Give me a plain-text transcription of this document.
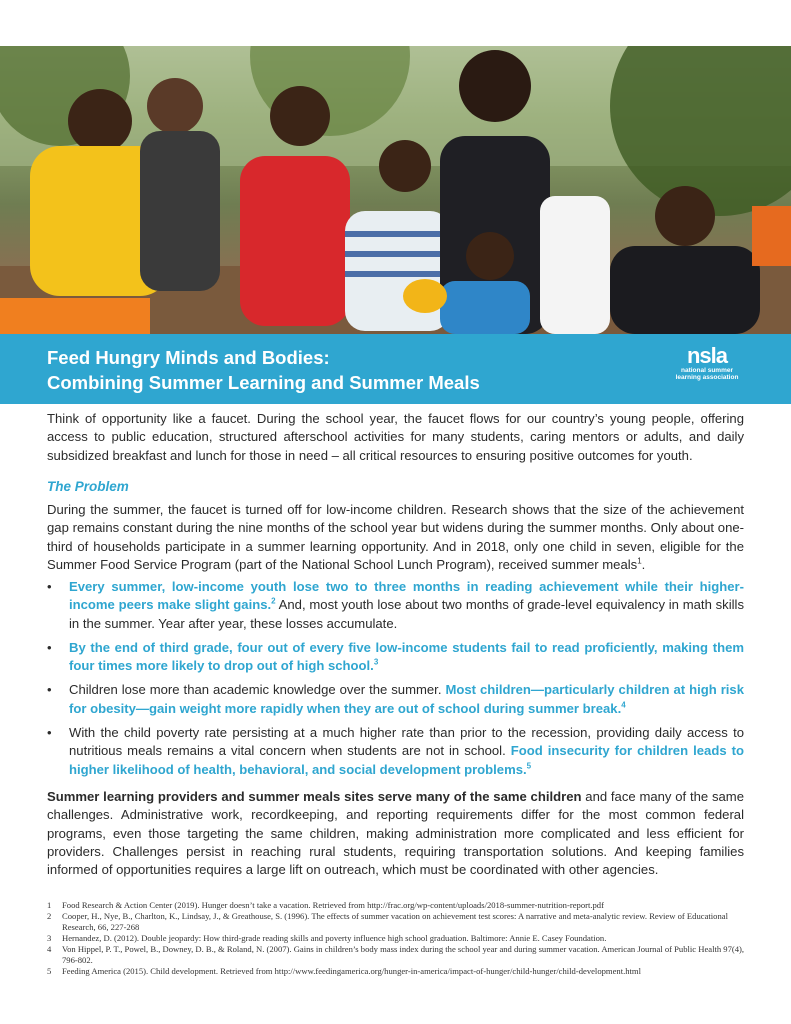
Feed Hungry Minds and Bodies:
Combining Summer Learning and Summer Meals
nsla
national summer
learning association
Think of opportunity like a faucet. During the school year, the faucet flows for our country’s young people, offering access to public education, structured afterschool activities for many students, caring mentors or adults, and daily subsidized breakfast and lunch for those in need – all critical resources to ensuring positive outcomes for youth.
The Problem
During the summer, the faucet is turned off for low-income children. Research shows that the size of the achievement gap remains constant during the nine months of the school year but widens during the summer months. Only about one-third of households participate in a summer learning opportunity. And in 2018, only one child in seven, eligible for the Summer Food Service Program (part of the National School Lunch Program), received summer meals$^1$.
• Every summer, low-income youth lose two to three months in reading achievement while their higher-income peers make slight gains.$^2$ And, most youth lose about two months of grade-level equivalency in math skills in the summer. Year after year, these losses accumulate.
• By the end of third grade, four out of every five low-income students fail to read proficiently, making them four times more likely to drop out of high school.$^3$
• Children lose more than academic knowledge over the summer. Most children—particularly children at high risk for obesity—gain weight more rapidly when they are out of school during summer break.$^4$
• With the child poverty rate persisting at a much higher rate than prior to the recession, providing daily access to nutritious meals remains a vital concern when students are not in school. Food insecurity for children leads to higher likelihood of health, behavioral, and social development problems.$^5$
Summer learning providers and summer meals sites serve many of the same children and face many of the same challenges. Administrative work, recordkeeping, and reporting requirements differ for the most common federal programs, even those targeting the same children, making administration more complicated and less efficient for providers. Challenges persist in reaching rural students, requiring transportation solutions. And keeping families informed of opportunities requires a large lift on outreach, which must be coordinated with other agencies.
1 Food Research & Action Center (2019). Hunger doesn’t take a vacation. Retrieved from http://frac.org/wp-content/uploads/2018-summer-nutrition-report.pdf
2 Cooper, H., Nye, B., Charlton, K., Lindsay, J., & Greathouse, S. (1996). The effects of summer vacation on achievement test scores: A narrative and meta-analytic review. Review of Educational Research, 66, 227-268
3 Hernandez, D. (2012). Double jeopardy: How third-grade reading skills and poverty influence high school graduation. Baltimore: Annie E. Casey Foundation.
4 Von Hippel, P. T., Powel, B., Downey, D. B., & Roland, N. (2007). Gains in children’s body mass index during the school year and during summer vacation. American Journal of Public Health 97(4), 796-802.
5 Feeding America (2015). Child development. Retrieved from http://www.feedingamerica.org/hunger-in-america/impact-of-hunger/child-hunger/child-development.html
